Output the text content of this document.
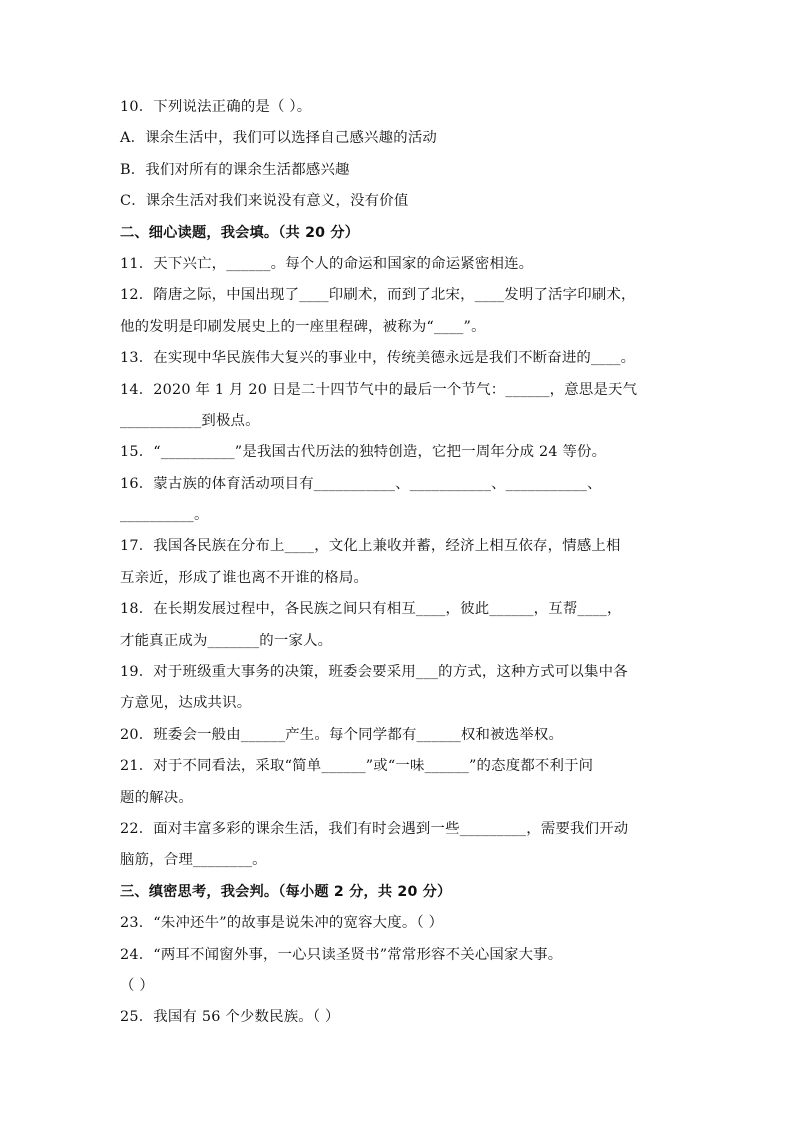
10．下列说法正确的是（ ）。
A．课余生活中，我们可以选择自己感兴趣的活动
B．我们对所有的课余生活都感兴趣
C．课余生活对我们来说没有意义，没有价值
二、细心读题，我会填。（共 20 分）
11．天下兴亡，______。每个人的命运和国家的命运紧密相连。
12．隋唐之际，中国出现了____印刷术，而到了北宋，____发明了活字印刷术，
他的发明是印刷发展史上的一座里程碑，被称为“____”。
13．在实现中华民族伟大复兴的事业中，传统美德永远是我们不断奋进的____。
14．2020 年 1 月 20 日是二十四节气中的最后一个节气：______，意思是天气
___________到极点。
15．“__________”是我国古代历法的独特创造，它把一周年分成 24 等份。
16．蒙古族的体育活动项目有___________、___________、___________、
__________。
17．我国各民族在分布上____，文化上兼收并蓄，经济上相互依存，情感上相
互亲近，形成了谁也离不开谁的格局。
18．在长期发展过程中，各民族之间只有相互____，彼此______，互帮____，
才能真正成为_______的一家人。
19．对于班级重大事务的决策，班委会要采用___的方式，这种方式可以集中各
方意见，达成共识。
20．班委会一般由______产生。每个同学都有______权和被选举权。
21．对于不同看法，采取“简单______”或“一味______”的态度都不利于问
题的解决。
22．面对丰富多彩的课余生活，我们有时会遇到一些_________，需要我们开动
脑筋，合理________。
三、缜密思考，我会判。（每小题 2 分，共 20 分）
23．“朱冲还牛”的故事是说朱冲的宽容大度。（ ）
24．“两耳不闻窗外事，一心只读圣贤书”常常形容不关心国家大事。
（ ）
25．我国有 56 个少数民族。（ ）
